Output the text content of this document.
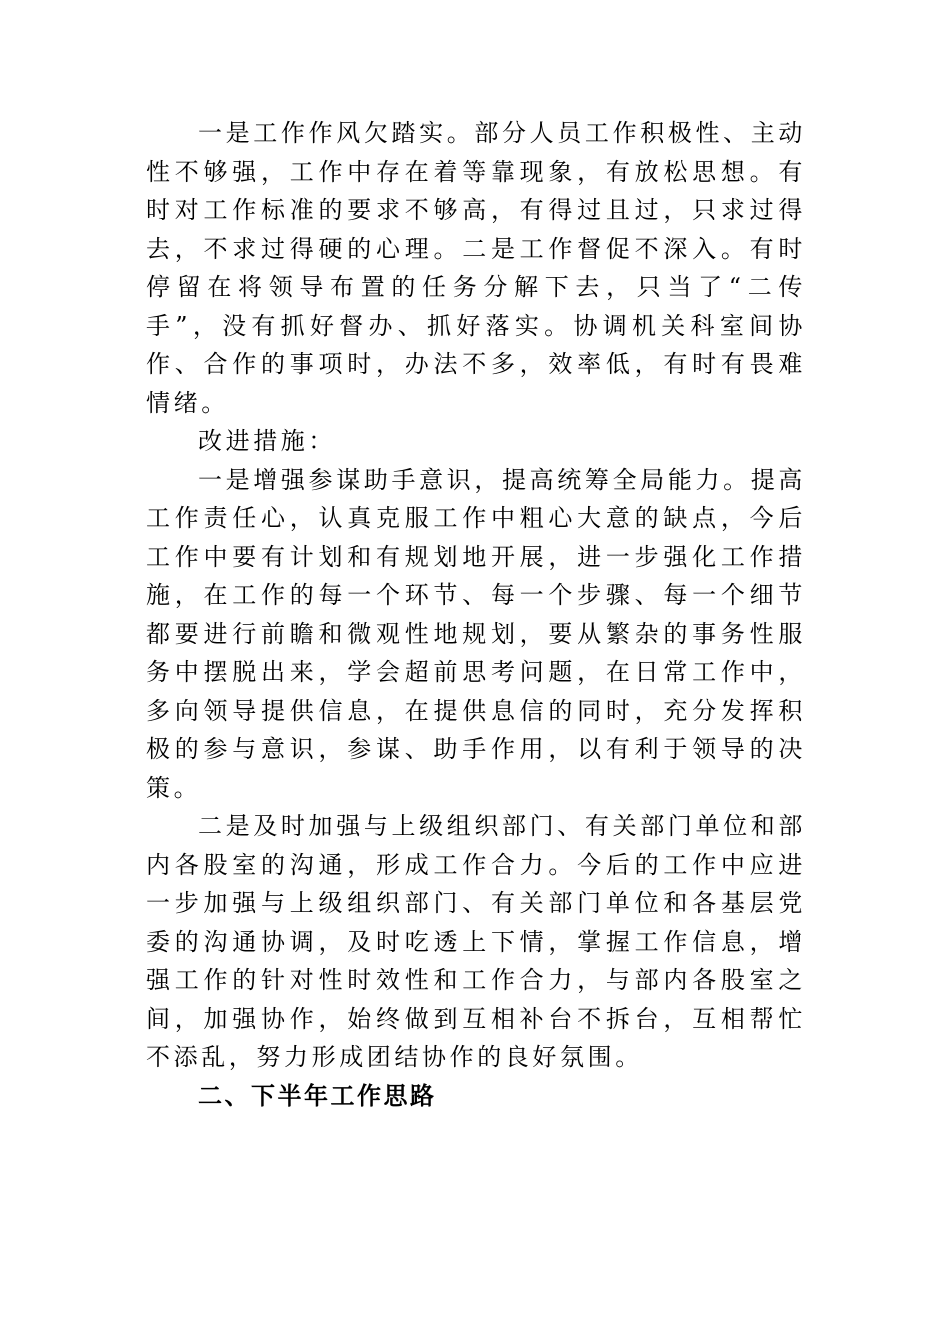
一是工作作风欠踏实。部分人员工作积极性、主动性不够强，工作中存在着等靠现象，有放松思想。有时对工作标准的要求不够高，有得过且过，只求过得去，不求过得硬的心理。二是工作督促不深入。有时停留在将领导布置的任务分解下去，只当了“二传手”，没有抓好督办、抓好落实。协调机关科室间协作、合作的事项时，办法不多，效率低，有时有畏难情绪。

改进措施：

一是增强参谋助手意识，提高统筹全局能力。提高工作责任心，认真克服工作中粗心大意的缺点，今后工作中要有计划和有规划地开展，进一步强化工作措施，在工作的每一个环节、每一个步骤、每一个细节都要进行前瞻和微观性地规划，要从繁杂的事务性服务中摆脱出来，学会超前思考问题，在日常工作中，多向领导提供信息，在提供息信的同时，充分发挥积极的参与意识，参谋、助手作用，以有利于领导的决策。

二是及时加强与上级组织部门、有关部门单位和部内各股室的沟通，形成工作合力。今后的工作中应进一步加强与上级组织部门、有关部门单位和各基层党委的沟通协调，及时吃透上下情，掌握工作信息，增强工作的针对性时效性和工作合力，与部内各股室之间，加强协作，始终做到互相补台不拆台，互相帮忙不添乱，努力形成团结协作的良好氛围。

二、下半年工作思路
